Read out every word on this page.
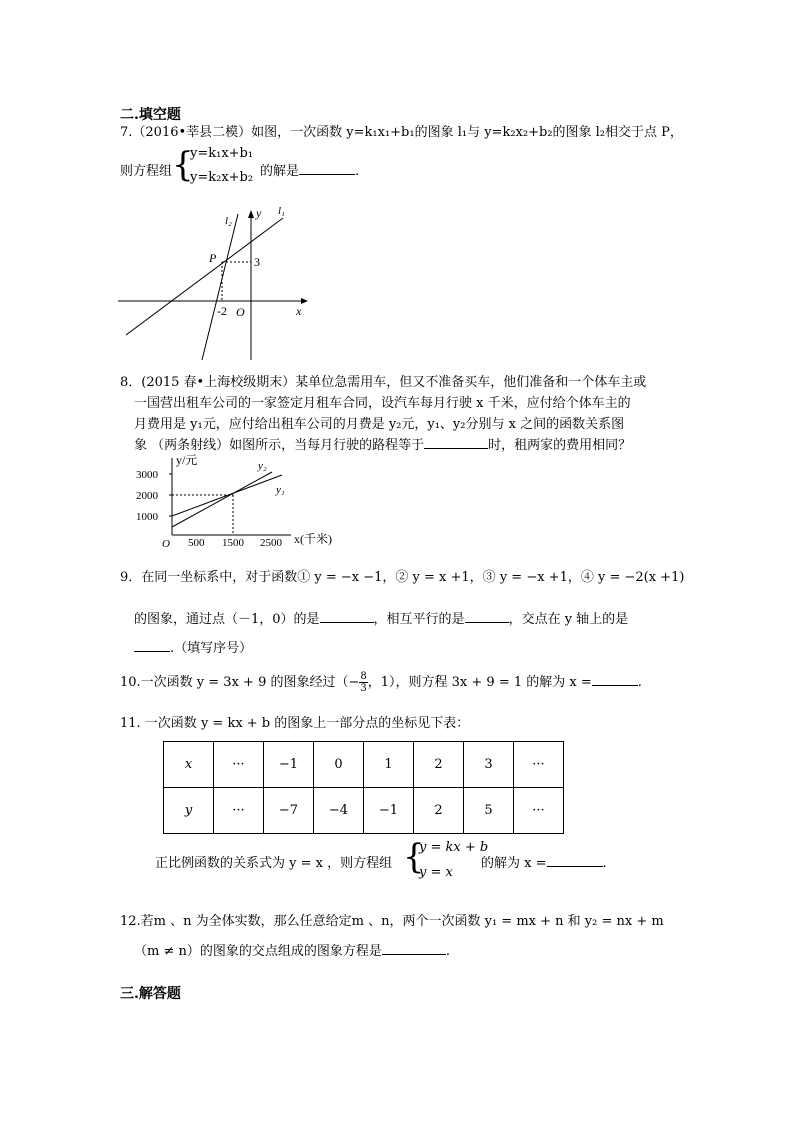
二.填空题
7.（2016•莘县二模）如图，一次函数 y=k₁x₁+b₁的图象 l₁与 y=k₂x₂+b₂的图象 l₂相交于点 P，
则方程组 {
y=k₁x+b₁
y=k₂x+b₂ 的解是	.
y
x
O
l₁
l₂
P	3
-2
8．(2015 春•上海校级期末）某单位急需用车，但又不准备买车，他们准备和一个体车主或
一国营出租车公司的一家签定月租车合同，设汽车每月行驶 x 千米，应付给个体车主的
月费用是 y₁元，应付给出租车公司的月费是 y₂元，y₁、y₂分别与 x 之间的函数关系图
象 （两条射线）如图所示，当每月行驶的路程等于	时，租两家的费用相同？
3000
2000
1000
500 1500 2500
O
y/元
x(千米)
y₂
y₁
9．在同一坐标系中，对于函数① y = −x −1，② y = x +1，③ y = −x +1，④ y = −2(x +1)
的图象，通过点（－1，0）的是	，相互平行的是	，交点在 y 轴上的是
.（填写序号）
10.一次函数 y = 3x + 9 的图象经过（− $\frac{8}{3}$ ，1），则方程 3x + 9 = 1 的解为 x =	.
11. 一次函数 y = kx + b 的图象上一部分点的坐标见下表：
x	···	−1	0	1	2	3	···
y	···	−7	−4	−1	2	5	···
正比例函数的关系式为 y = x ，则方程组 {
y = kx + b
y = x
的解为 x =	.
12.若m 、n 为全体实数，那么任意给定m 、n，两个一次函数 y₁ = mx + n 和 y₂ = nx + m
（m ≠ n）的图象的交点组成的图象方程是	.
三.解答题
